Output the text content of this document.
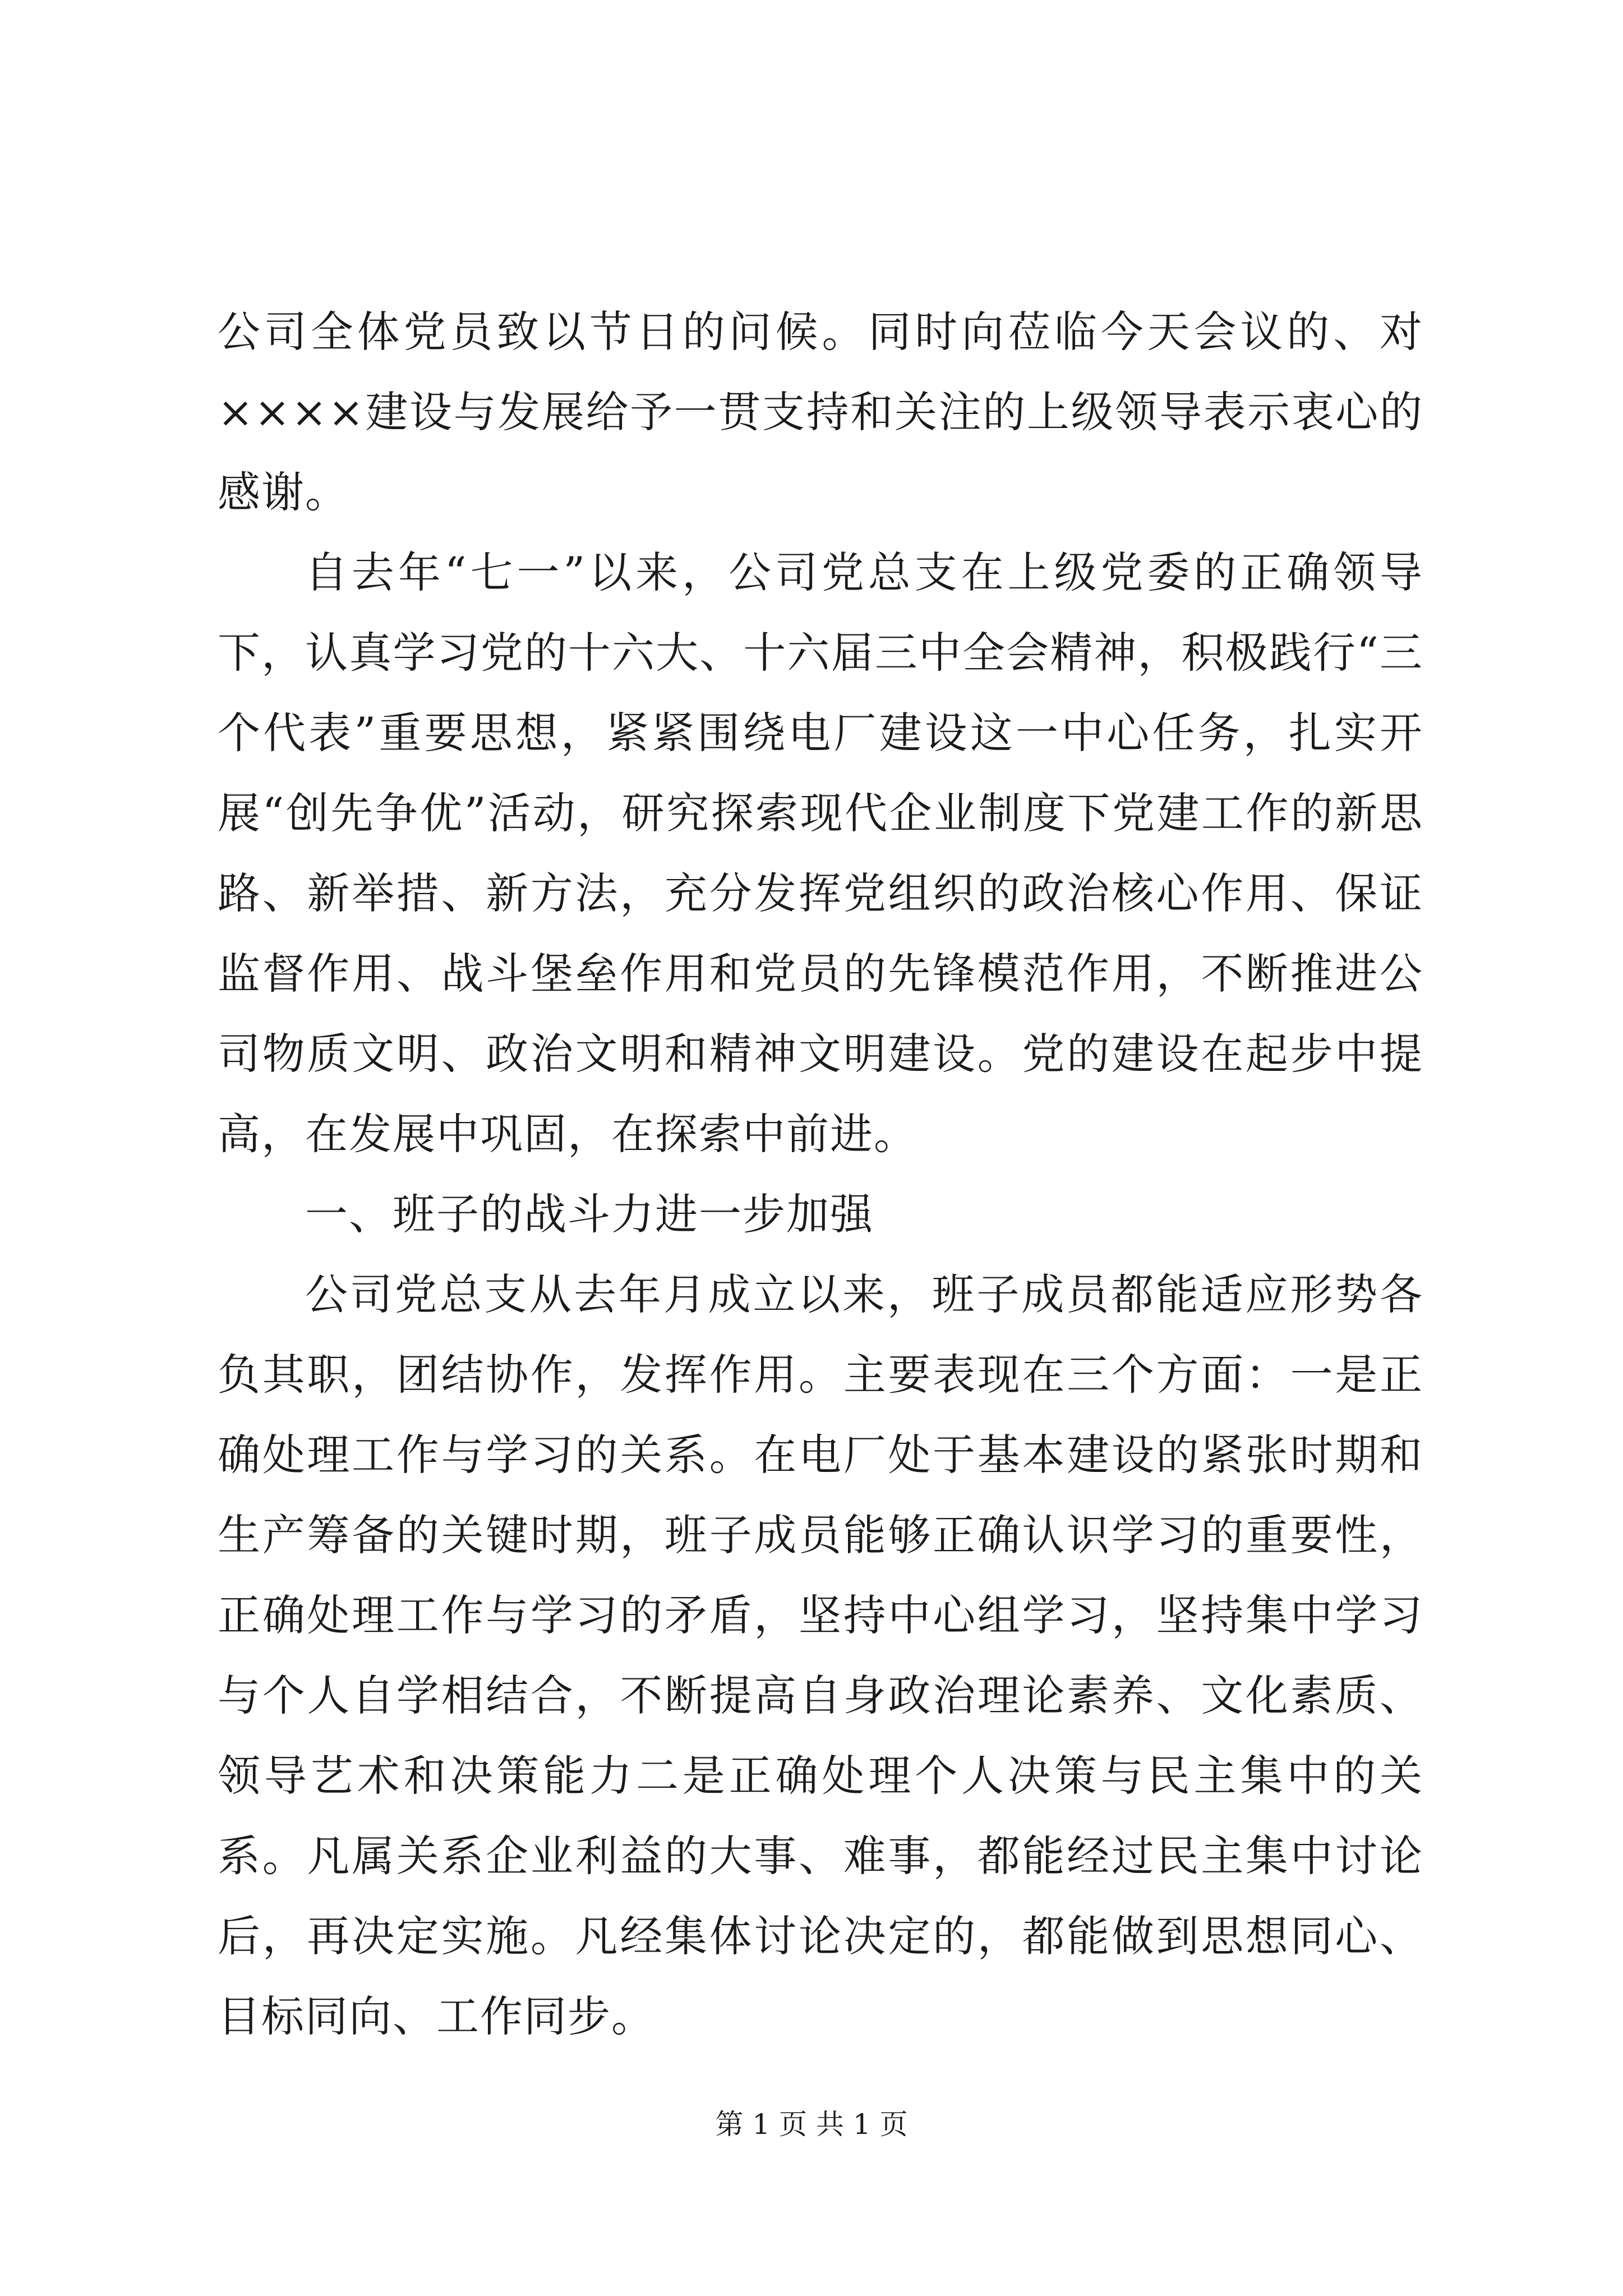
公司全体党员致以节日的问候。同时向莅临今天会议的、对××××建设与发展给予一贯支持和关注的上级领导表示衷心的感谢。

自去年“七一”以来，公司党总支在上级党委的正确领导下，认真学习党的十六大、十六届三中全会精神，积极践行“三个代表”重要思想，紧紧围绕电厂建设这一中心任务，扎实开展“创先争优”活动，研究探索现代企业制度下党建工作的新思路、新举措、新方法，充分发挥党组织的政治核心作用、保证监督作用、战斗堡垒作用和党员的先锋模范作用，不断推进公司物质文明、政治文明和精神文明建设。党的建设在起步中提高，在发展中巩固，在探索中前进。

一、班子的战斗力进一步加强

公司党总支从去年月成立以来，班子成员都能适应形势各负其职，团结协作，发挥作用。主要表现在三个方面：一是正确处理工作与学习的关系。在电厂处于基本建设的紧张时期和生产筹备的关键时期，班子成员能够正确认识学习的重要性，正确处理工作与学习的矛盾，坚持中心组学习，坚持集中学习与个人自学相结合，不断提高自身政治理论素养、文化素质、领导艺术和决策能力二是正确处理个人决策与民主集中的关系。凡属关系企业利益的大事、难事，都能经过民主集中讨论后，再决定实施。凡经集体讨论决定的，都能做到思想同心、目标同向、工作同步。

第 1 页 共 1 页
